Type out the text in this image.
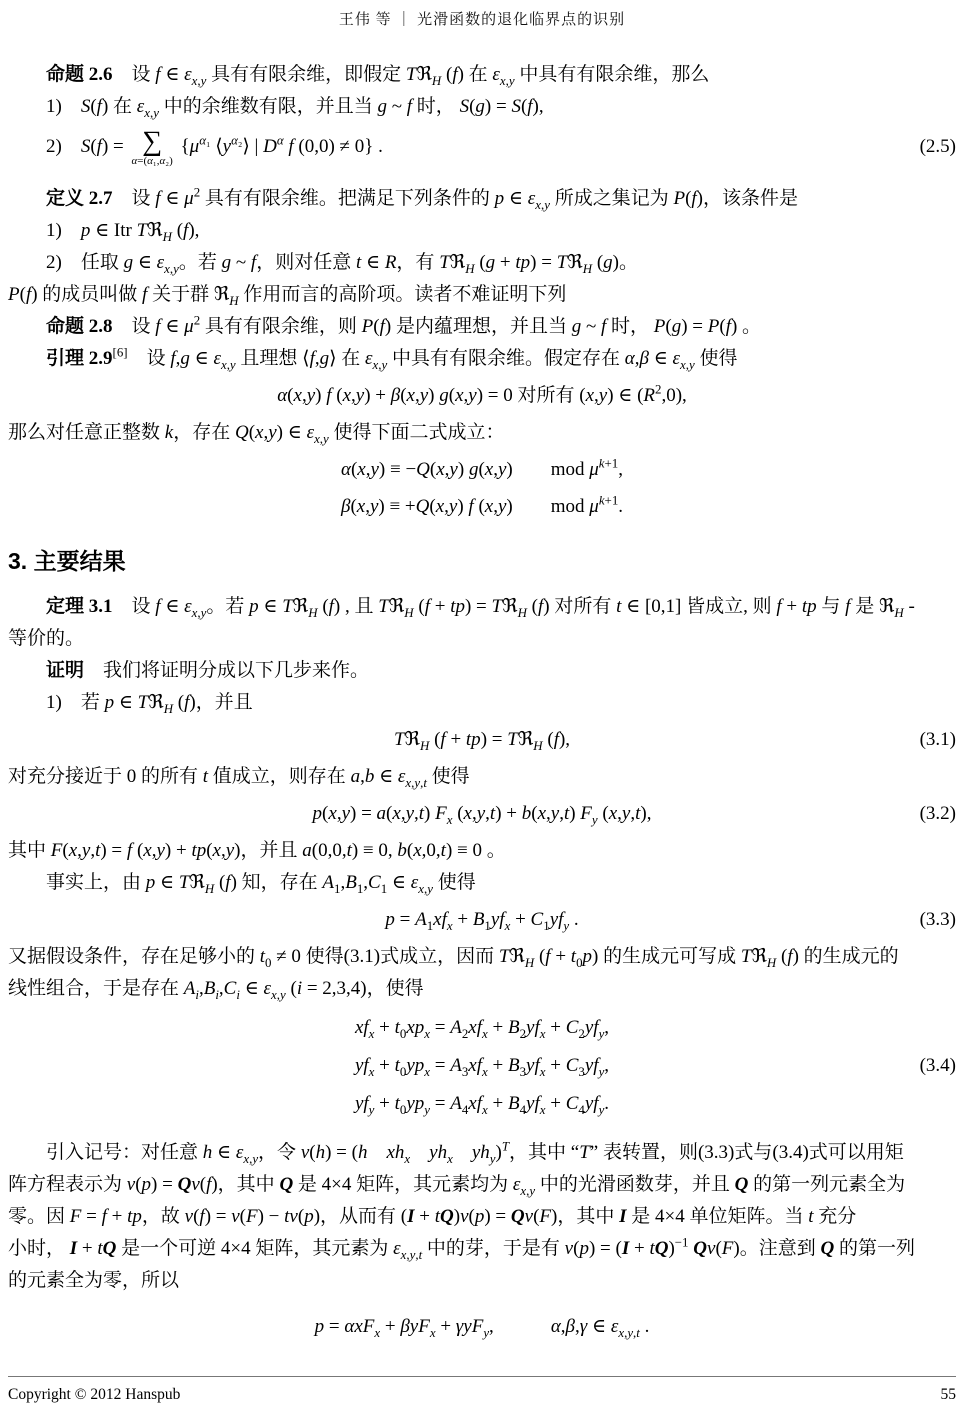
王伟 等 ｜ 光滑函数的退化临界点的识别
命题 2.6　设 f ∈ $\varepsilon_{x,y}$ 具有有限余维，即假定 Tℜ$_H$ (f) 在 $\varepsilon_{x,y}$ 中具有有限余维，那么
1)　S(f) 在 $\varepsilon_{x,y}$ 中的余维数有限，并且当 g ~ f 时， S(g) = S(f),
2)　S(f) = ∑
α=(α₁,α₂)
{$\mu^{\alpha_1}$ $⟨y^{\alpha_2}⟩$ | $D^\alpha$ f (0,0) ≠ 0} .	(2.5)
定义 2.7　设 f ∈ $\mu^2$ 具有有限余维。把满足下列条件的 p ∈ $\varepsilon_{x,y}$ 所成之集记为 P(f)，该条件是
1)　p ∈ Itr Tℜ$_H$ (f),
2)　任取 g ∈ $\varepsilon_{x,y}$。若 g ~ f，则对任意 t ∈ R，有 Tℜ$_H$ (g + tp) = Tℜ$_H$ (g)。
P(f) 的成员叫做 f 关于群 ℜ$_H$ 作用而言的高阶项。读者不难证明下列
命题 2.8　设 f ∈ $\mu^2$ 具有有限余维，则 P(f) 是内蕴理想，并且当 g ~ f 时， P(g) = P(f) 。
引理 2.9[6]　设 f,g ∈ $\varepsilon_{x,y}$ 且理想 ⟨f,g⟩ 在 $\varepsilon_{x,y}$ 中具有有限余维。假定存在 α,β ∈ $\varepsilon_{x,y}$ 使得
α(x,y) f (x,y) + β(x,y) g(x,y) = 0 对所有 (x,y) ∈ $(R^2,0)$,
那么对任意正整数 k，存在 Q(x,y) ∈ $\varepsilon_{x,y}$ 使得下面二式成立：
α(x,y) ≡ −Q(x,y) g(x,y)　　mod $\mu^{k+1}$,
β(x,y) ≡ +Q(x,y) f (x,y)　　mod $\mu^{k+1}$.
3. 主要结果
定理 3.1　设 f ∈ $\varepsilon_{x,y}$。若 p ∈ Tℜ$_H$ (f) , 且 Tℜ$_H$ (f + tp) = Tℜ$_H$ (f) 对所有 t ∈ [0,1] 皆成立, 则 f + tp 与 f 是 ℜ$_H$ -
等价的。
证明　我们将证明分成以下几步来作。
1)　若 p ∈ Tℜ$_H$ (f)，并且
Tℜ$_H$ (f + tp) = Tℜ$_H$ (f),	(3.1)
对充分接近于 0 的所有 t 值成立，则存在 a,b ∈ $\varepsilon_{x,y,t}$ 使得
p(x,y) = a(x,y,t) $F_x$ (x,y,t) + b(x,y,t) $F_y$ (x,y,t),	(3.2)
其中 F(x,y,t) = f (x,y) + tp(x,y)，并且 a(0,0,t) ≡ 0, b(x,0,t) ≡ 0 。
事实上，由 p ∈ Tℜ$_H$ (f) 知，存在 $A_1,B_1,C_1$ ∈ $\varepsilon_{x,y}$ 使得
$p = A_1xf_x + B_1yf_x + C_1yf_y$ .	(3.3)
又据假设条件，存在足够小的 $t_0 \ne 0$ 使得(3.1)式成立，因而 Tℜ$_H$ $(f + t_0p)$ 的生成元可写成 Tℜ$_H$ (f) 的生成元的
线性组合，于是存在 $A_i,B_i,C_i$ ∈ $\varepsilon_{x,y}$ (i = 2,3,4)，使得
$xf_x + t_0xp_x = A_2xf_x + B_2yf_x + C_2yf_y$,
$yf_x + t_0yp_x = A_3xf_x + B_3yf_x + C_3yf_y$,
$yf_y + t_0yp_y = A_4xf_x + B_4yf_x + C_4yf_y$.
(3.4)
引入记号：对任意 h ∈ $\varepsilon_{x,y}$，令 v(h) = (h　 $xh_x$　 $yh_x$　 $yh_y)^T$，其中 “T” 表转置，则(3.3)式与(3.4)式可以用矩
阵方程表示为 v(p) = Qv(f)，其中 Q 是 4×4 矩阵，其元素均为 $\varepsilon_{x,y}$ 中的光滑函数芽，并且 Q 的第一列元素全为
零。因 F = f + tp，故 v(f) = v(F) − tv(p)，从而有 (I + tQ)v(p) = Qv(F)，其中 I 是 4×4 单位矩阵。当 t 充分
小时， I + tQ 是一个可逆 4×4 矩阵，其元素为 $\varepsilon_{x,y,t}$ 中的芽，于是有 v(p) = (I + tQ)$^{-1}$ Qv(F)。注意到 Q 的第一列
的元素全为零，所以
p = αxF$_x$ + βyF$_x$ + γyF$_y$,　　　α,β,γ ∈ $\varepsilon_{x,y,t}$ .
Copyright © 2012 Hanspub	55
